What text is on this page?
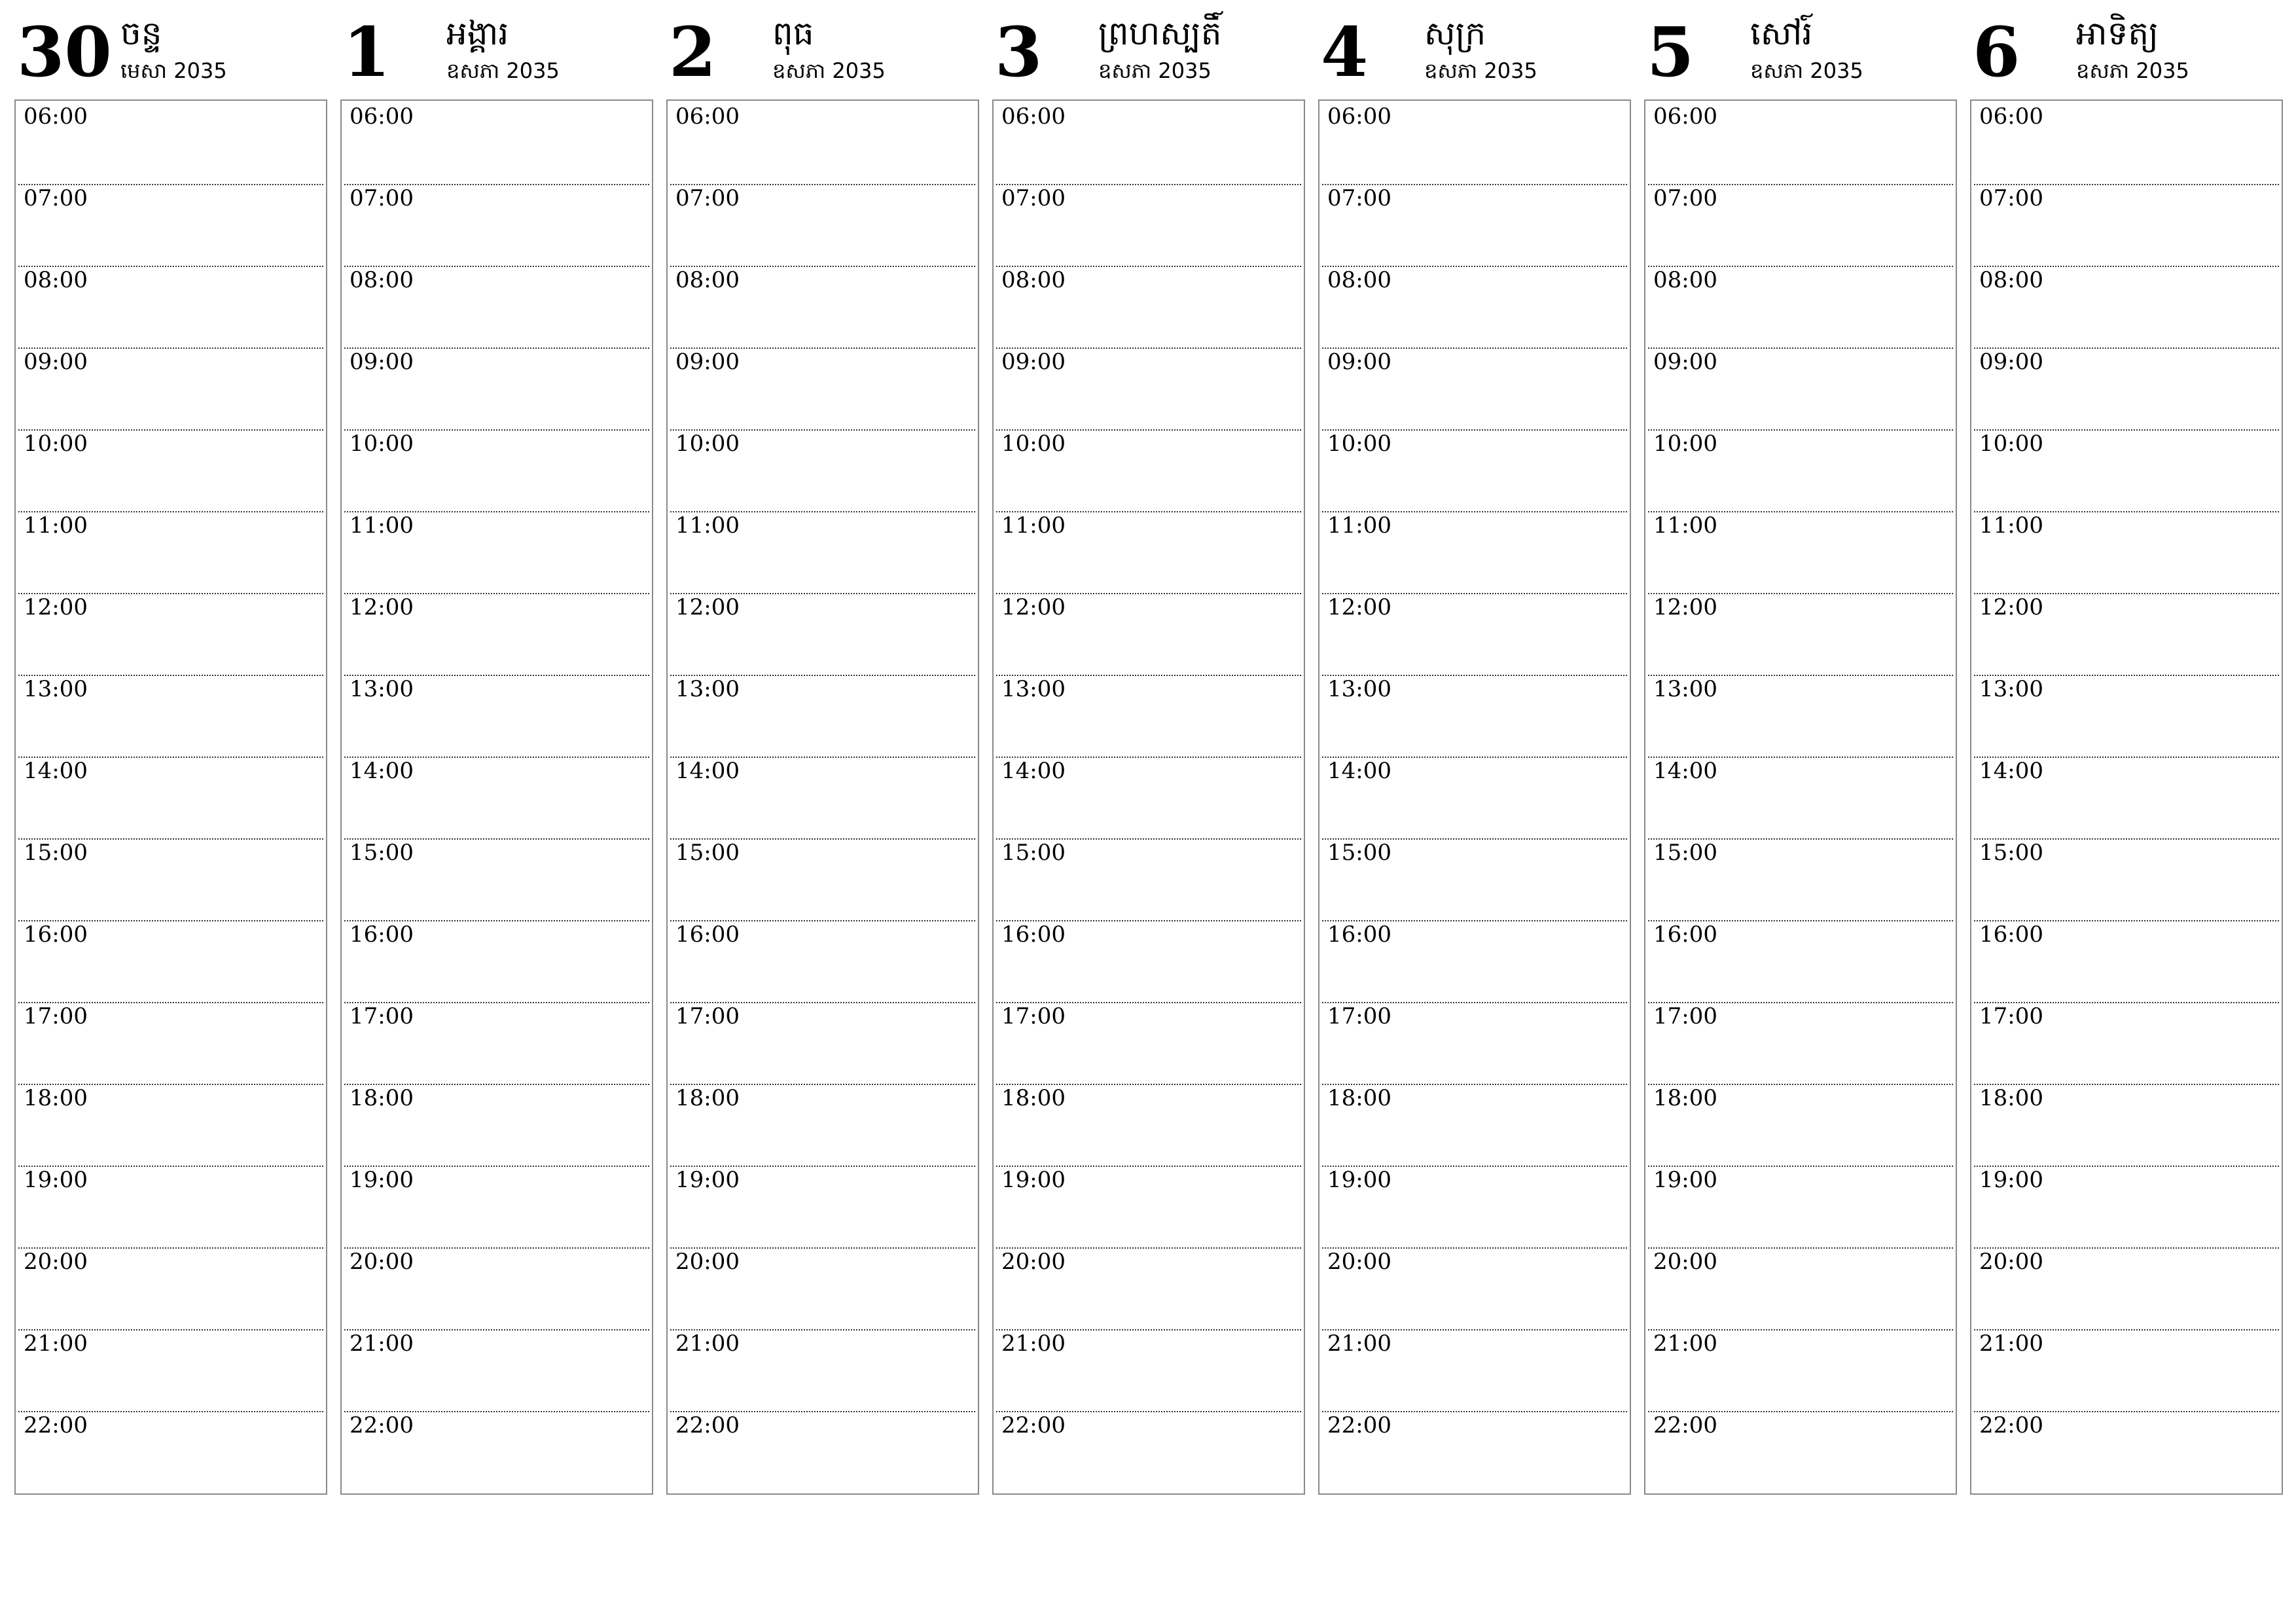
30 ចន្ទ
មេសា 2035
06:00
07:00
08:00
09:00
10:00
11:00
12:00
13:00
14:00
15:00
16:00
17:00
18:00
19:00
20:00
21:00
22:00
1 អង្គារ
ឧសភា 2035
06:00
07:00
08:00
09:00
10:00
11:00
12:00
13:00
14:00
15:00
16:00
17:00
18:00
19:00
20:00
21:00
22:00
2 ពុធ
ឧសភា 2035
06:00
07:00
08:00
09:00
10:00
11:00
12:00
13:00
14:00
15:00
16:00
17:00
18:00
19:00
20:00
21:00
22:00
3 ព្រហស្បតិ៍
ឧសភា 2035
06:00
07:00
08:00
09:00
10:00
11:00
12:00
13:00
14:00
15:00
16:00
17:00
18:00
19:00
20:00
21:00
22:00
4 សុក្រ
ឧសភា 2035
06:00
07:00
08:00
09:00
10:00
11:00
12:00
13:00
14:00
15:00
16:00
17:00
18:00
19:00
20:00
21:00
22:00
5 សៅរ៍
ឧសភា 2035
06:00
07:00
08:00
09:00
10:00
11:00
12:00
13:00
14:00
15:00
16:00
17:00
18:00
19:00
20:00
21:00
22:00
6 អាទិត្យ
ឧសភា 2035
06:00
07:00
08:00
09:00
10:00
11:00
12:00
13:00
14:00
15:00
16:00
17:00
18:00
19:00
20:00
21:00
22:00
